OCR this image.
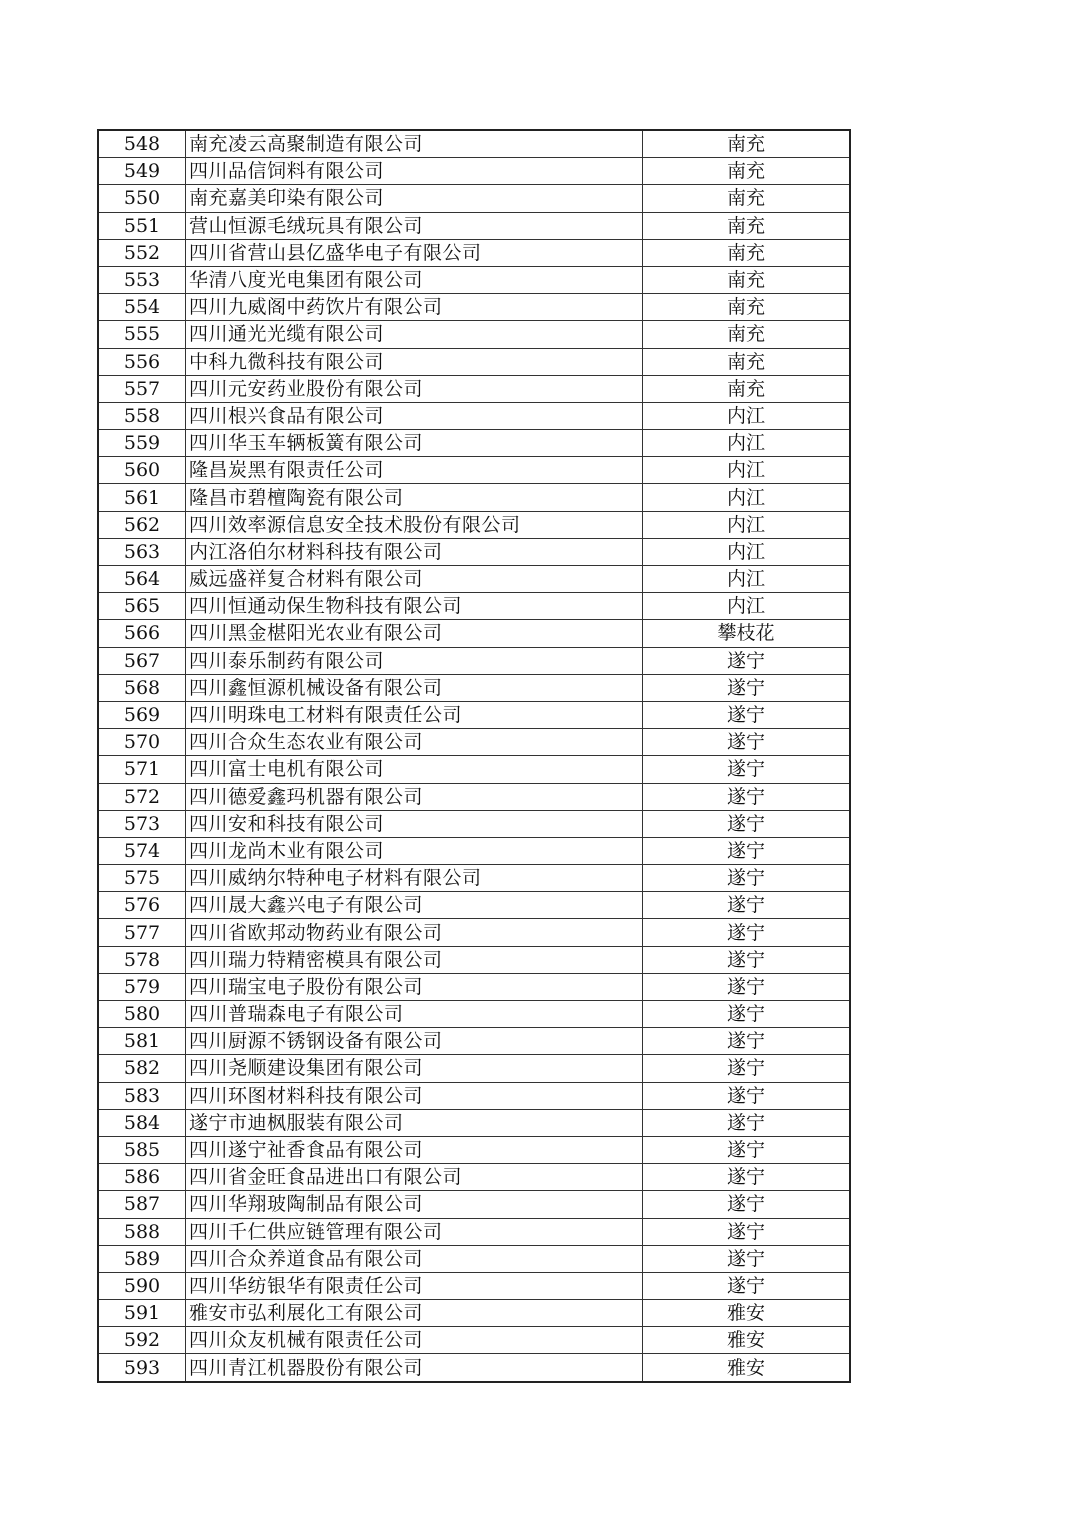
548	南充凌云高聚制造有限公司	南充
549	四川品信饲料有限公司	南充
550	南充嘉美印染有限公司	南充
551	营山恒源毛绒玩具有限公司	南充
552	四川省营山县亿盛华电子有限公司	南充
553	华清八度光电集团有限公司	南充
554	四川九威阁中药饮片有限公司	南充
555	四川通光光缆有限公司	南充
556	中科九微科技有限公司	南充
557	四川元安药业股份有限公司	南充
558	四川根兴食品有限公司	内江
559	四川华玉车辆板簧有限公司	内江
560	隆昌炭黑有限责任公司	内江
561	隆昌市碧檀陶瓷有限公司	内江
562	四川效率源信息安全技术股份有限公司	内江
563	内江洛伯尔材料科技有限公司	内江
564	威远盛祥复合材料有限公司	内江
565	四川恒通动保生物科技有限公司	内江
566	四川黑金椹阳光农业有限公司	攀枝花
567	四川泰乐制药有限公司	遂宁
568	四川鑫恒源机械设备有限公司	遂宁
569	四川明珠电工材料有限责任公司	遂宁
570	四川合众生态农业有限公司	遂宁
571	四川富士电机有限公司	遂宁
572	四川德爱鑫玛机器有限公司	遂宁
573	四川安和科技有限公司	遂宁
574	四川龙尚木业有限公司	遂宁
575	四川威纳尔特种电子材料有限公司	遂宁
576	四川晟大鑫兴电子有限公司	遂宁
577	四川省欧邦动物药业有限公司	遂宁
578	四川瑞力特精密模具有限公司	遂宁
579	四川瑞宝电子股份有限公司	遂宁
580	四川普瑞森电子有限公司	遂宁
581	四川厨源不锈钢设备有限公司	遂宁
582	四川尧顺建设集团有限公司	遂宁
583	四川环图材料科技有限公司	遂宁
584	遂宁市迪枫服装有限公司	遂宁
585	四川遂宁祉香食品有限公司	遂宁
586	四川省金旺食品进出口有限公司	遂宁
587	四川华翔玻陶制品有限公司	遂宁
588	四川千仁供应链管理有限公司	遂宁
589	四川合众养道食品有限公司	遂宁
590	四川华纺银华有限责任公司	遂宁
591	雅安市弘利展化工有限公司	雅安
592	四川众友机械有限责任公司	雅安
593	四川青江机器股份有限公司	雅安
